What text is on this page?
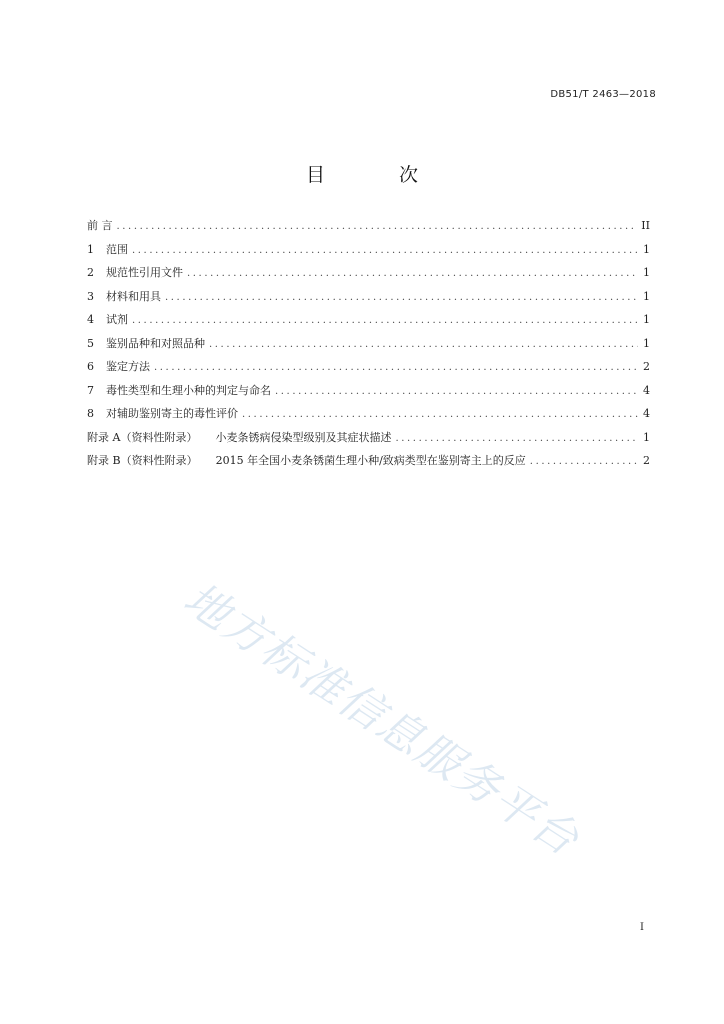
DB51/T 2463—2018
目 次
前 言 .....	II
1	范围 .....	1
2	规范性引用文件 .....	1
3	材料和用具 .....	1
4	试剂 .....	1
5	鉴别品种和对照品种 .....	1
6	鉴定方法 .....	2
7	毒性类型和生理小种的判定与命名 .....	4
8	对辅助鉴别寄主的毒性评价 .....	4
附录 A（资料性附录） 小麦条锈病侵染型级别及其症状描述 .....	1
附录 B（资料性附录） 2015 年全国小麦条锈菌生理小种/致病类型在鉴别寄主上的反应 .....	2
地方标准信息服务平台
I
